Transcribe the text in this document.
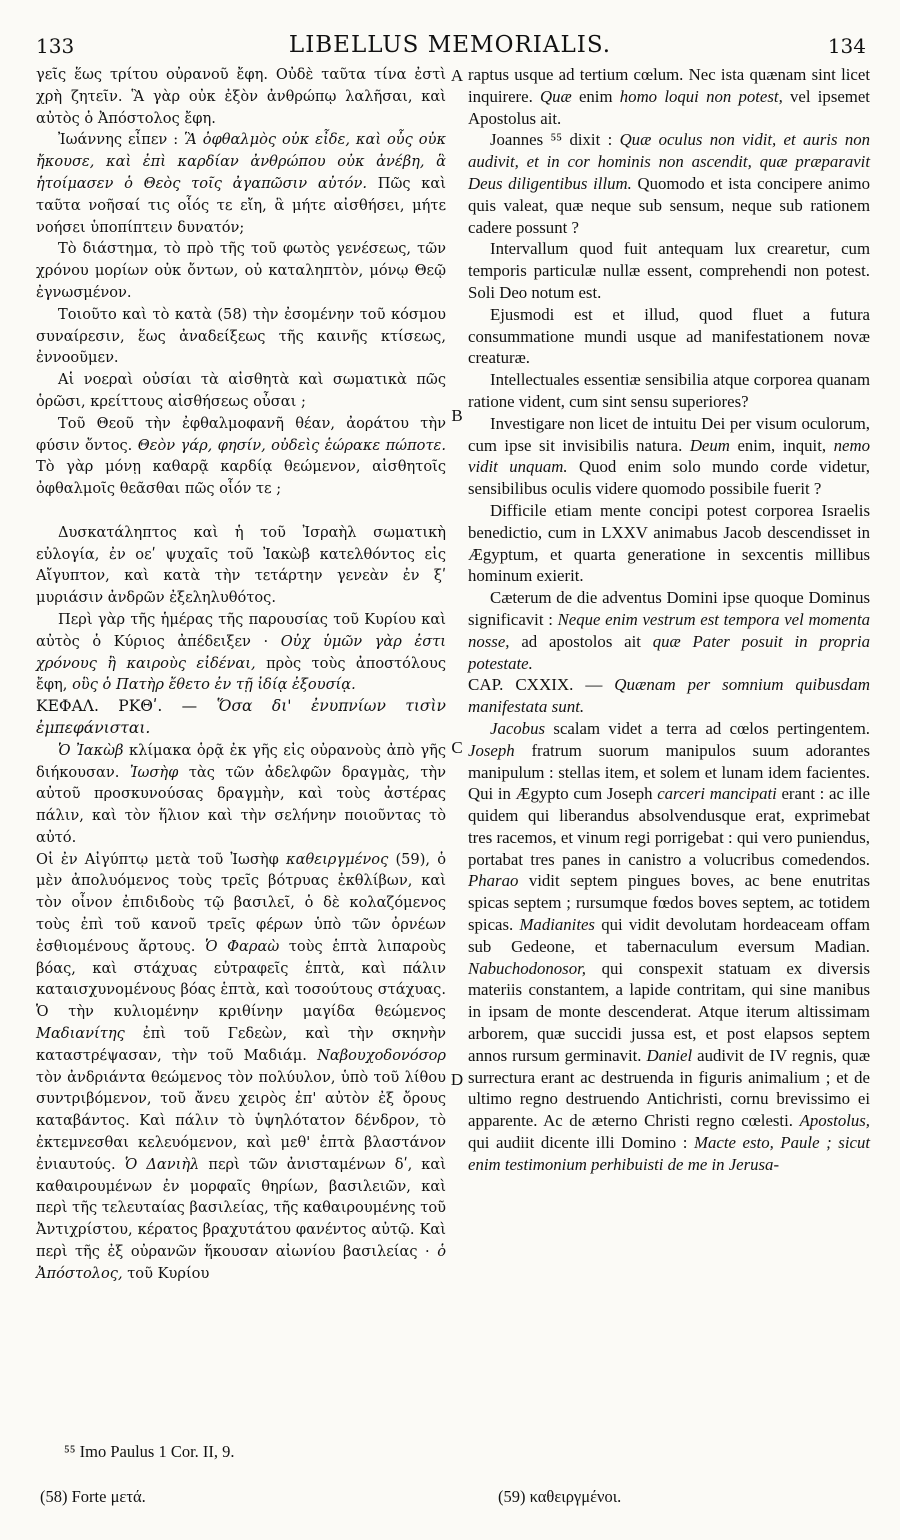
133	LIBELLUS MEMORIALIS.	134

γεῖς ἕως τρίτου οὐρανοῦ ἔφη. Οὐδὲ ταῦτα τίνα ἐστὶ χρὴ ζητεῖν. Ἃ γὰρ οὐκ ἐξὸν ἀνθρώπῳ λαλῆσαι, καὶ αὐτὸς ὁ Ἀπόστολος ἔφη.

Ἰωάννης εἶπεν : Ἃ ὀφθαλμὸς οὐκ εἶδε, καὶ οὖς οὐκ ἤκουσε, καὶ ἐπὶ καρδίαν ἀνθρώπου οὐκ ἀνέβη, ἃ ἡτοίμασεν ὁ Θεὸς τοῖς ἀγαπῶσιν αὐτόν. Πῶς καὶ ταῦτα νοῆσαί τις οἷός τε εἴη, ἃ μήτε αἰσθήσει, μήτε νοήσει ὑποπίπτειν δυνατόν;

Τὸ διάστημα, τὸ πρὸ τῆς τοῦ φωτὸς γενέσεως, τῶν χρόνου μορίων οὐκ ὄντων, οὐ καταληπτὸν, μόνῳ Θεῷ ἐγνωσμένον.

Τοιοῦτο καὶ τὸ κατὰ (58) τὴν ἐσομένην τοῦ κόσμου συναίρεσιν, ἕως ἀναδείξεως τῆς καινῆς κτίσεως, ἐννοοῦμεν.

Αἱ νοεραὶ οὐσίαι τὰ αἰσθητὰ καὶ σωματικὰ πῶς ὁρῶσι, κρείττους αἰσθήσεως οὖσαι ;

Τοῦ Θεοῦ τὴν ἐφθαλμοφανῆ θέαν, ἀοράτου τὴν φύσιν ὄντος. Θεὸν γάρ, φησίν, οὐδεὶς ἑώρακε πώποτε. Τὸ γὰρ μόνῃ καθαρᾷ καρδίᾳ θεώμενον, αἰσθητοῖς ὀφθαλμοῖς θεᾶσθαι πῶς οἷόν τε ;

Δυσκατάληπτος καὶ ἡ τοῦ Ἰσραὴλ σωματικὴ εὐλογία, ἐν οεʹ ψυχαῖς τοῦ Ἰακὼβ κατελθόντος εἰς Αἴγυπτον, καὶ κατὰ τὴν τετάρτην γενεὰν ἐν ξʹ μυριάσιν ἀνδρῶν ἐξεληλυθότος.

Περὶ γὰρ τῆς ἡμέρας τῆς παρουσίας τοῦ Κυρίου καὶ αὐτὸς ὁ Κύριος ἀπέδειξεν · Οὐχ ὑμῶν γὰρ ἐστι χρόνους ἢ καιροὺς εἰδέναι, πρὸς τοὺς ἀποστόλους ἔφη, οὓς ὁ Πατὴρ ἔθετο ἐν τῇ ἰδίᾳ ἐξουσίᾳ.

ΚΕΦΑΛ. ΡΚΘʹ. — Ὅσα δι' ἐνυπνίων τισὶν ἐμπεφάνισται.

Ὁ Ἰακὼβ κλίμακα ὁρᾷ ἐκ γῆς εἰς οὐρανοὺς ἀπὸ γῆς διήκουσαν. Ἰωσὴφ τὰς τῶν ἀδελφῶν δραγμὰς, τὴν αὐτοῦ προσκυνούσας δραγμὴν, καὶ τοὺς ἀστέρας πάλιν, καὶ τὸν ἥλιον καὶ τὴν σελήνην ποιοῦντας τὸ αὐτό.

Οἱ ἐν Αἰγύπτῳ μετὰ τοῦ Ἰωσὴφ καθειργμένος (59), ὁ μὲν ἀπολυόμενος τοὺς τρεῖς βότρυας ἐκθλίβων, καὶ τὸν οἶνον ἐπιδιδοὺς τῷ βασιλεῖ, ὁ δὲ κολαζόμενος τοὺς ἐπὶ τοῦ κανοῦ τρεῖς φέρων ὑπὸ τῶν ὀρνέων ἐσθιομένους ἄρτους. Ὁ Φαραὼ τοὺς ἑπτὰ λιπαροὺς βόας, καὶ στάχυας εὐτραφεῖς ἑπτὰ, καὶ πάλιν καταισχυνομένους βόας ἑπτὰ, καὶ τοσούτους στάχυας. Ὁ τὴν κυλιομένην κριθίνην μαγίδα θεώμενος Μαδιανίτης ἐπὶ τοῦ Γεδεὼν, καὶ τὴν σκηνὴν καταστρέψασαν, τὴν τοῦ Μαδιάμ. Ναβουχοδονόσορ τὸν ἀνδριάντα θεώμενος τὸν πολύυλον, ὑπὸ τοῦ λίθου συντριβόμενον, τοῦ ἄνευ χειρὸς ἐπ' αὐτὸν ἐξ ὄρους καταβάντος. Καὶ πάλιν τὸ ὑψηλότατον δένδρον, τὸ ἐκτεμνεσθαι κελευόμενον, καὶ μεθ' ἑπτὰ βλαστάνον ἐνιαυτούς. Ὁ Δανιὴλ περὶ τῶν ἀνισταμένων δʹ, καὶ καθαιρουμένων ἐν μορφαῖς θηρίων, βασιλειῶν, καὶ περὶ τῆς τελευταίας βασιλείας, τῆς καθαιρουμένης τοῦ Ἀντιχρίστου, κέρατος βραχυτάτου φανέντος αὐτῷ. Καὶ περὶ τῆς ἐξ οὐρανῶν ἥκουσαν αἰωνίου βασιλείας · ὁ Ἀπόστολος, τοῦ Κυρίου

A
B
C
D

raptus usque ad tertium cœlum. Nec ista quænam sint licet inquirere. Quæ enim homo loqui non potest, vel ipsemet Apostolus ait.

Joannes ⁵⁵ dixit : Quæ oculus non vidit, et auris non audivit, et in cor hominis non ascendit, quæ præparavit Deus diligentibus illum. Quomodo et ista concipere animo quis valeat, quæ neque sub sensum, neque sub rationem cadere possunt ?

Intervallum quod fuit antequam lux crearetur, cum temporis particulæ nullæ essent, comprehendi non potest. Soli Deo notum est.

Ejusmodi est et illud, quod fluet a futura consummatione mundi usque ad manifestationem novæ creaturæ.

Intellectuales essentiæ sensibilia atque corporea quanam ratione vident, cum sint sensu superiores?

Investigare non licet de intuitu Dei per visum oculorum, cum ipse sit invisibilis natura. Deum enim, inquit, nemo vidit unquam. Quod enim solo mundo corde videtur, sensibilibus oculis videre quomodo possibile fuerit ?

Difficile etiam mente concipi potest corporea Israelis benedictio, cum in LXXV animabus Jacob descendisset in Ægyptum, et quarta generatione in sexcentis millibus hominum exierit.

Cæterum de die adventus Domini ipse quoque Dominus significavit : Neque enim vestrum est tempora vel momenta nosse, ad apostolos ait quæ Pater posuit in propria potestate.

CAP. CXXIX. — Quænam per somnium quibusdam manifestata sunt.

Jacobus scalam videt a terra ad cœlos pertingentem. Joseph fratrum suorum manipulos suum adorantes manipulum : stellas item, et solem et lunam idem facientes. Qui in Ægypto cum Joseph carceri mancipati erant : ac ille quidem qui liberandus absolvendusque erat, exprimebat tres racemos, et vinum regi porrigebat : qui vero puniendus, portabat tres panes in canistro a volucribus comedendos. Pharao vidit septem pingues boves, ac bene enutritas spicas septem ; rursumque fœdos boves septem, ac totidem spicas. Madianites qui vidit devolutam hordeaceam offam sub Gedeone, et tabernaculum eversum Madian. Nabuchodonosor, qui conspexit statuam ex diversis materiis constantem, a lapide contritam, qui sine manibus in ipsam de monte descenderat. Atque iterum altissimam arborem, quæ succidi jussa est, et post elapsos septem annos rursum germinavit. Daniel audivit de IV regnis, quæ surrectura erant ac destruenda in figuris animalium ; et de ultimo regno destruendo Antichristi, cornu brevissimo ei apparente. Ac de æterno Christi regno cœlesti. Apostolus, qui audiit dicente illi Domino : Macte esto, Paule ; sicut enim testimonium perhibuisti de me in Jerusa-

⁵⁵ Imo Paulus 1 Cor. II, 9.
(58) Forte μετά.	(59) καθειργμένοι.
